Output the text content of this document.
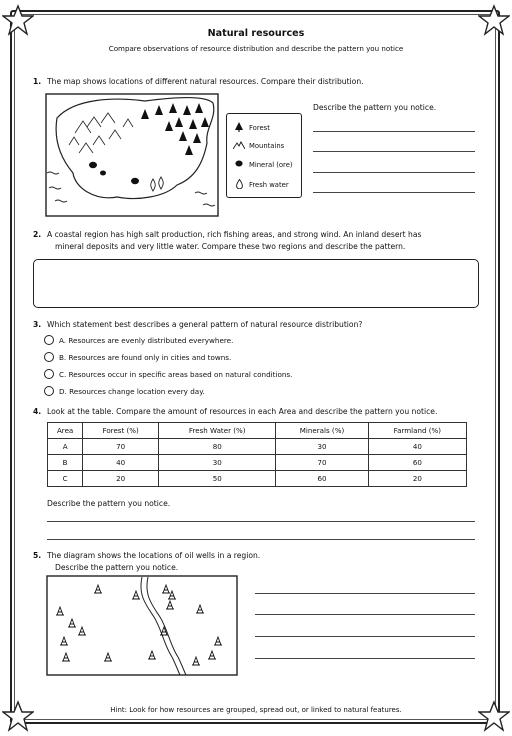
Natural resources
Compare observations of resource distribution and describe the pattern you notice
1. The map shows locations of different natural resources. Compare their distribution.
Forest
Mountains
Mineral (ore)
Fresh water
Describe the pattern you notice.
2. A coastal region has high salt production, rich fishing areas, and strong wind. An inland desert has
mineral deposits and very little water. Compare these two regions and describe the pattern.
3. Which statement best describes a general pattern of natural resource distribution?
A. Resources are evenly distributed everywhere.
B. Resources are found only in cities and towns.
C. Resources occur in specific areas based on natural conditions.
D. Resources change location every day.
4. Look at the table. Compare the amount of resources in each Area and describe the pattern you notice.
Area	Forest (%)	Fresh Water (%)	Minerals (%)	Farmland (%)
A	70	80	30	40
B	40	30	70	60
C	20	50	60	20
Describe the pattern you notice.
5. The diagram shows the locations of oil wells in a region.
Describe the pattern you notice.
Hint: Look for how resources are grouped, spread out, or linked to natural features.
